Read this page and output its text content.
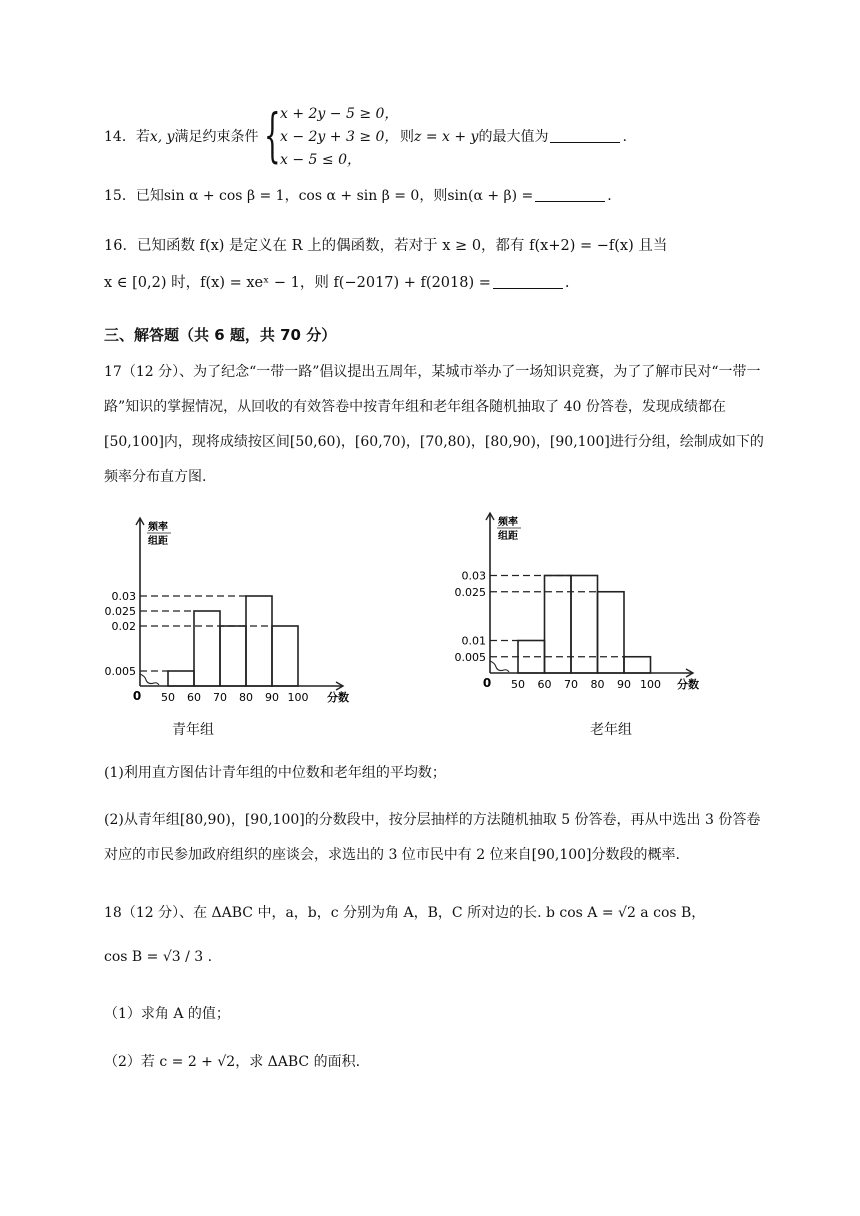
14．若x, y满足约束条件 { x + 2y − 5 ≥ 0，
x − 2y + 3 ≥ 0，
x − 5 ≤ 0，
则z = x + y的最大值为	.
15．已知sin α + cos β = 1，cos α + sin β = 0，则sin(α + β) =	.
16．已知函数 f(x) 是定义在 R 上的偶函数，若对于 x ≥ 0，都有 f(x+2) = −f(x) 且当
x ∈ [0,2) 时，f(x) = xeˣ − 1，则 f(−2017) + f(2018) =	.
三、解答题（共 6 题，共 70 分）
17（12 分）、为了纪念“一带一路”倡议提出五周年，某城市举办了一场知识竞赛，为了了解市民对“一带一路”知识的掌握情况，从回收的有效答卷中按青年组和老年组各随机抽取了 40 份答卷，发现成绩都在[50,100]内，现将成绩按区间[50,60)，[60,70)，[70,80)，[80,90)，[90,100]进行分组，绘制成如下的频率分布直方图.
频率
组距
0	分数
50 60 70 80 90 100
0.03
0.025
0.02
0.005
频率
组距
0	分数
50 60 70 80 90 100
0.03
0.025
0.01
0.005
青年组	老年组
(1)利用直方图估计青年组的中位数和老年组的平均数；
(2)从青年组[80,90)，[90,100]的分数段中，按分层抽样的方法随机抽取 5 份答卷，再从中选出 3 份答卷对应的市民参加政府组织的座谈会，求选出的 3 位市民中有 2 位来自[90,100]分数段的概率.
18（12 分）、在 ΔABC 中，a，b，c 分别为角 A，B，C 所对边的长. b cos A = √2 a cos B，
cos B = √3 / 3 .
（1）求角 A 的值；
（2）若 c = 2 + √2，求 ΔABC 的面积.
